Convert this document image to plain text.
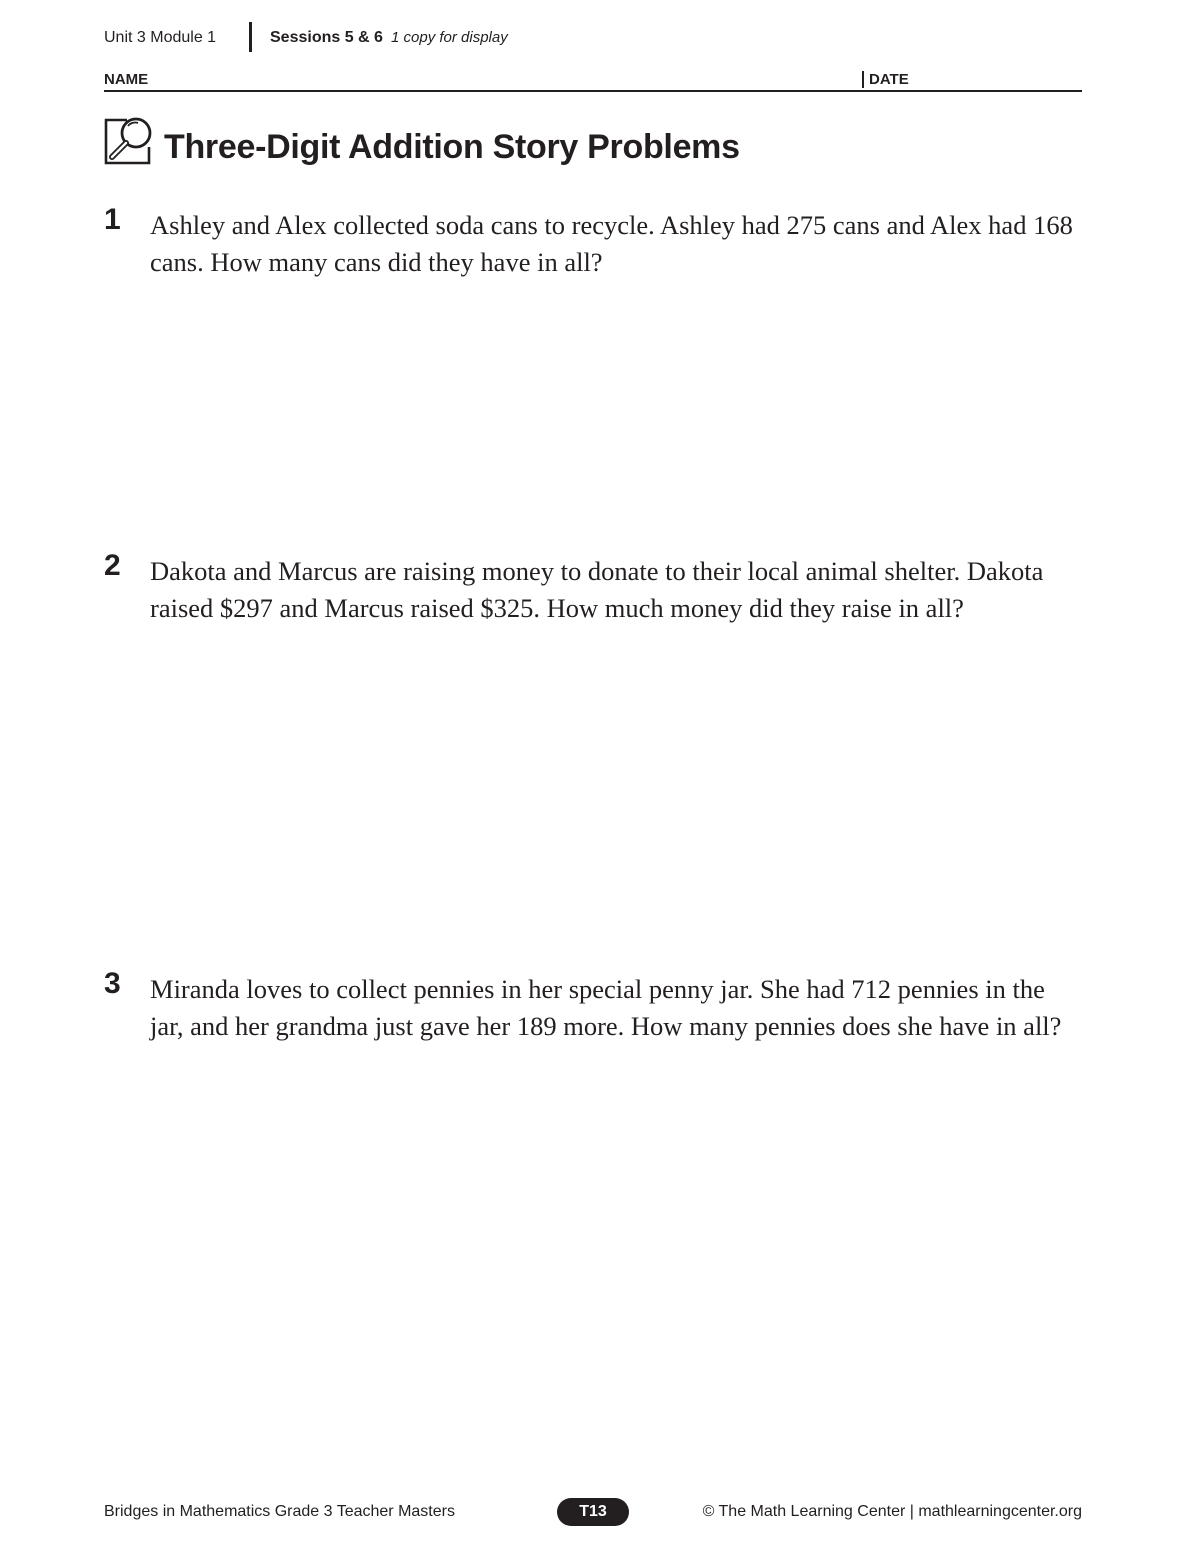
Unit 3 Module 1	Sessions 5 & 6 1 copy for display
NAME	DATE
Three-Digit Addition Story Problems
1 Ashley and Alex collected soda cans to recycle. Ashley had 275 cans and Alex had 168 cans. How many cans did they have in all?
2 Dakota and Marcus are raising money to donate to their local animal shelter. Dakota raised $297 and Marcus raised $325. How much money did they raise in all?
3 Miranda loves to collect pennies in her special penny jar. She had 712 pennies in the jar, and her grandma just gave her 189 more. How many pennies does she have in all?
Bridges in Mathematics Grade 3 Teacher Masters	T13	© The Math Learning Center | mathlearningcenter.org
